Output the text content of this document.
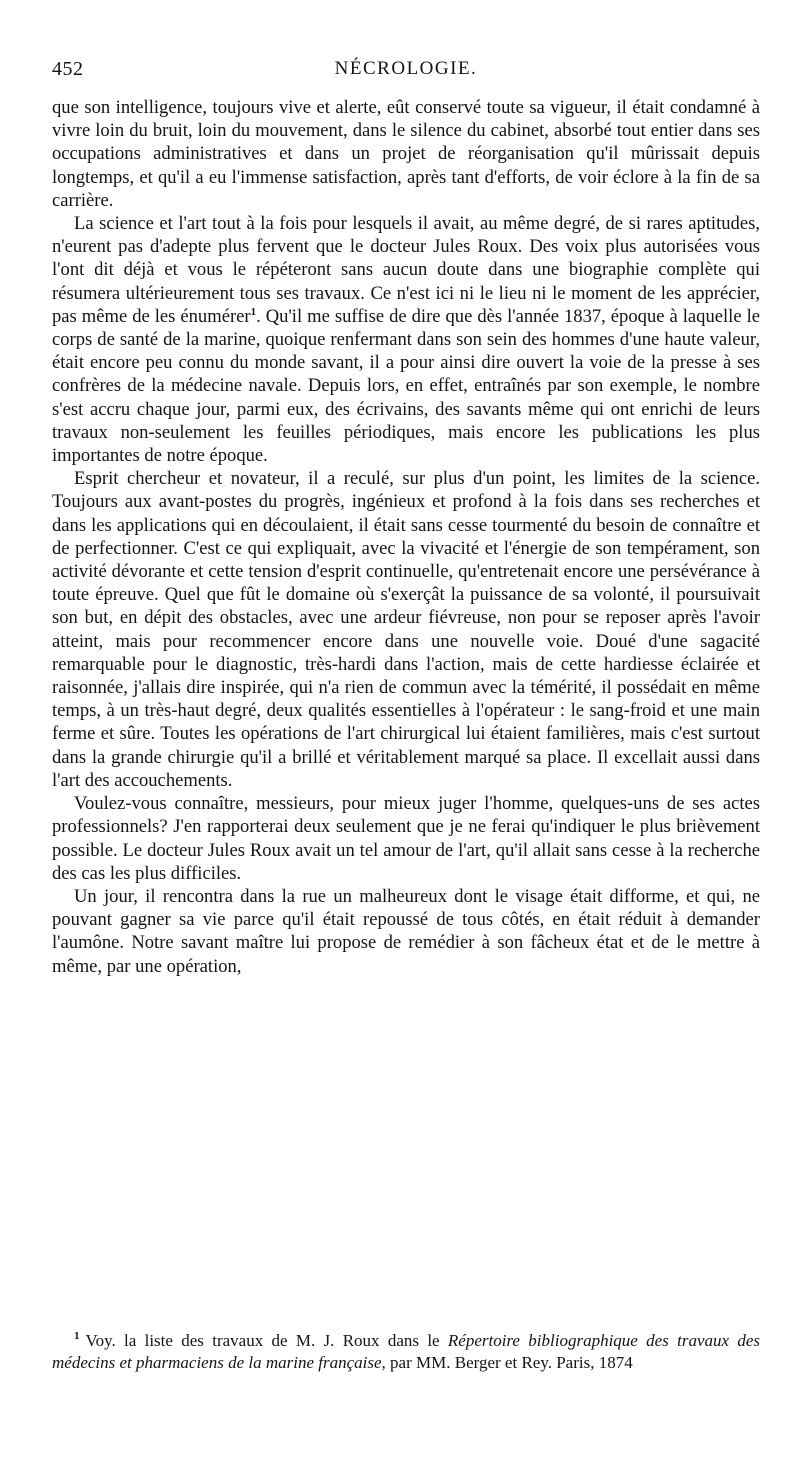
452	NÉCROLOGIE.

que son intelligence, toujours vive et alerte, eût conservé toute sa vigueur, il était condamné à vivre loin du bruit, loin du mouvement, dans le silence du cabinet, absorbé tout entier dans ses occupations administratives et dans un projet de réorganisation qu'il mûrissait depuis longtemps, et qu'il a eu l'immense satisfaction, après tant d'efforts, de voir éclore à la fin de sa carrière.

La science et l'art tout à la fois pour lesquels il avait, au même degré, de si rares aptitudes, n'eurent pas d'adepte plus fervent que le docteur Jules Roux. Des voix plus autorisées vous l'ont dit déjà et vous le répéteront sans aucun doute dans une biographie complète qui résumera ultérieurement tous ses travaux. Ce n'est ici ni le lieu ni le moment de les apprécier, pas même de les énumérer$^1$. Qu'il me suffise de dire que dès l'année 1837, époque à laquelle le corps de santé de la marine, quoique renfermant dans son sein des hommes d'une haute valeur, était encore peu connu du monde savant, il a pour ainsi dire ouvert la voie de la presse à ses confrères de la médecine navale. Depuis lors, en effet, entraînés par son exemple, le nombre s'est accru chaque jour, parmi eux, des écrivains, des savants même qui ont enrichi de leurs travaux non-seulement les feuilles périodiques, mais encore les publications les plus importantes de notre époque.

Esprit chercheur et novateur, il a reculé, sur plus d'un point, les limites de la science. Toujours aux avant-postes du progrès, ingénieux et profond à la fois dans ses recherches et dans les applications qui en découlaient, il était sans cesse tourmenté du besoin de connaître et de perfectionner. C'est ce qui expliquait, avec la vivacité et l'énergie de son tempérament, son activité dévorante et cette tension d'esprit continuelle, qu'entretenait encore une persévérance à toute épreuve. Quel que fût le domaine où s'exerçât la puissance de sa volonté, il poursuivait son but, en dépit des obstacles, avec une ardeur fiévreuse, non pour se reposer après l'avoir atteint, mais pour recommencer encore dans une nouvelle voie. Doué d'une sagacité remarquable pour le diagnostic, très-hardi dans l'action, mais de cette hardiesse éclairée et raisonnée, j'allais dire inspirée, qui n'a rien de commun avec la témérité, il possédait en même temps, à un très-haut degré, deux qualités essentielles à l'opérateur : le sang-froid et une main ferme et sûre. Toutes les opérations de l'art chirurgical lui étaient familières, mais c'est surtout dans la grande chirurgie qu'il a brillé et véritablement marqué sa place. Il excellait aussi dans l'art des accouchements.

Voulez-vous connaître, messieurs, pour mieux juger l'homme, quelques-uns de ses actes professionnels? J'en rapporterai deux seulement que je ne ferai qu'indiquer le plus brièvement possible. Le docteur Jules Roux avait un tel amour de l'art, qu'il allait sans cesse à la recherche des cas les plus difficiles.

Un jour, il rencontra dans la rue un malheureux dont le visage était difforme, et qui, ne pouvant gagner sa vie parce qu'il était repoussé de tous côtés, en était réduit à demander l'aumône. Notre savant maître lui propose de remédier à son fâcheux état et de le mettre à même, par une opération,

$^1$ Voy. la liste des travaux de M. J. Roux dans le Répertoire bibliographique des travaux des médecins et pharmaciens de la marine française, par MM. Berger et Rey. Paris, 1874
